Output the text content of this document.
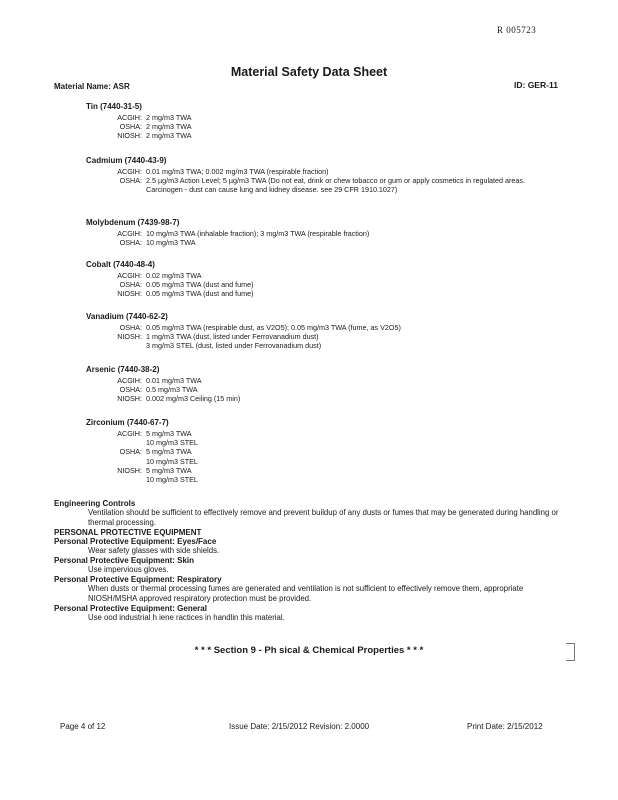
R 005723
Material Safety Data Sheet
Material Name: ASR	ID: GER-11
Tin (7440-31-5)
ACGIH: 2 mg/m3 TWA
OSHA: 2 mg/m3 TWA
NIOSH: 2 mg/m3 TWA
Cadmium (7440-43-9)
ACGIH: 0.01 mg/m3 TWA; 0.002 mg/m3 TWA (respirable fraction)
OSHA: 2.5 µg/m3 Action Level; 5 µg/m3 TWA (Do not eat, drink or chew tobacco or gum or apply cosmetics in regulated areas. Carcinogen - dust can cause lung and kidney disease. see 29 CFR 1910.1027)
Molybdenum (7439-98-7)
ACGIH: 10 mg/m3 TWA (inhalable fraction); 3 mg/m3 TWA (respirable fraction)
OSHA: 10 mg/m3 TWA
Cobalt (7440-48-4)
ACGIH: 0.02 mg/m3 TWA
OSHA: 0.05 mg/m3 TWA (dust and fume)
NIOSH: 0.05 mg/m3 TWA (dust and fume)
Vanadium (7440-62-2)
OSHA: 0.05 mg/m3 TWA (respirable dust, as V2O5); 0.05 mg/m3 TWA (fume, as V2O5)
NIOSH: 1 mg/m3 TWA (dust, listed under Ferrovanadium dust)
3 mg/m3 STEL (dust, listed under Ferrovanadium dust)
Arsenic (7440-38-2)
ACGIH: 0.01 mg/m3 TWA
OSHA: 0.5 mg/m3 TWA
NIOSH: 0.002 mg/m3 Ceiling (15 min)
Zirconium (7440-67-7)
ACGIH: 5 mg/m3 TWA
10 mg/m3 STEL
OSHA: 5 mg/m3 TWA
10 mg/m3 STEL
NIOSH: 5 mg/m3 TWA
10 mg/m3 STEL
Engineering Controls
Ventilation should be sufficient to effectively remove and prevent buildup of any dusts or fumes that may be generated during handling or thermal processing.
PERSONAL PROTECTIVE EQUIPMENT
Personal Protective Equipment: Eyes/Face
Wear safety glasses with side shields.
Personal Protective Equipment: Skin
Use impervious gloves.
Personal Protective Equipment: Respiratory
When dusts or thermal processing fumes are generated and ventilation is not sufficient to effectively remove them, appropriate NIOSH/MSHA approved respiratory protection must be provided.
Personal Protective Equipment: General
Use ood industrial h iene ractices in handlin this material.
* * * Section 9 - Ph sical & Chemical Properties * * *
Page 4 of 12	Issue Date: 2/15/2012 Revision: 2.0000	Print Date: 2/15/2012
